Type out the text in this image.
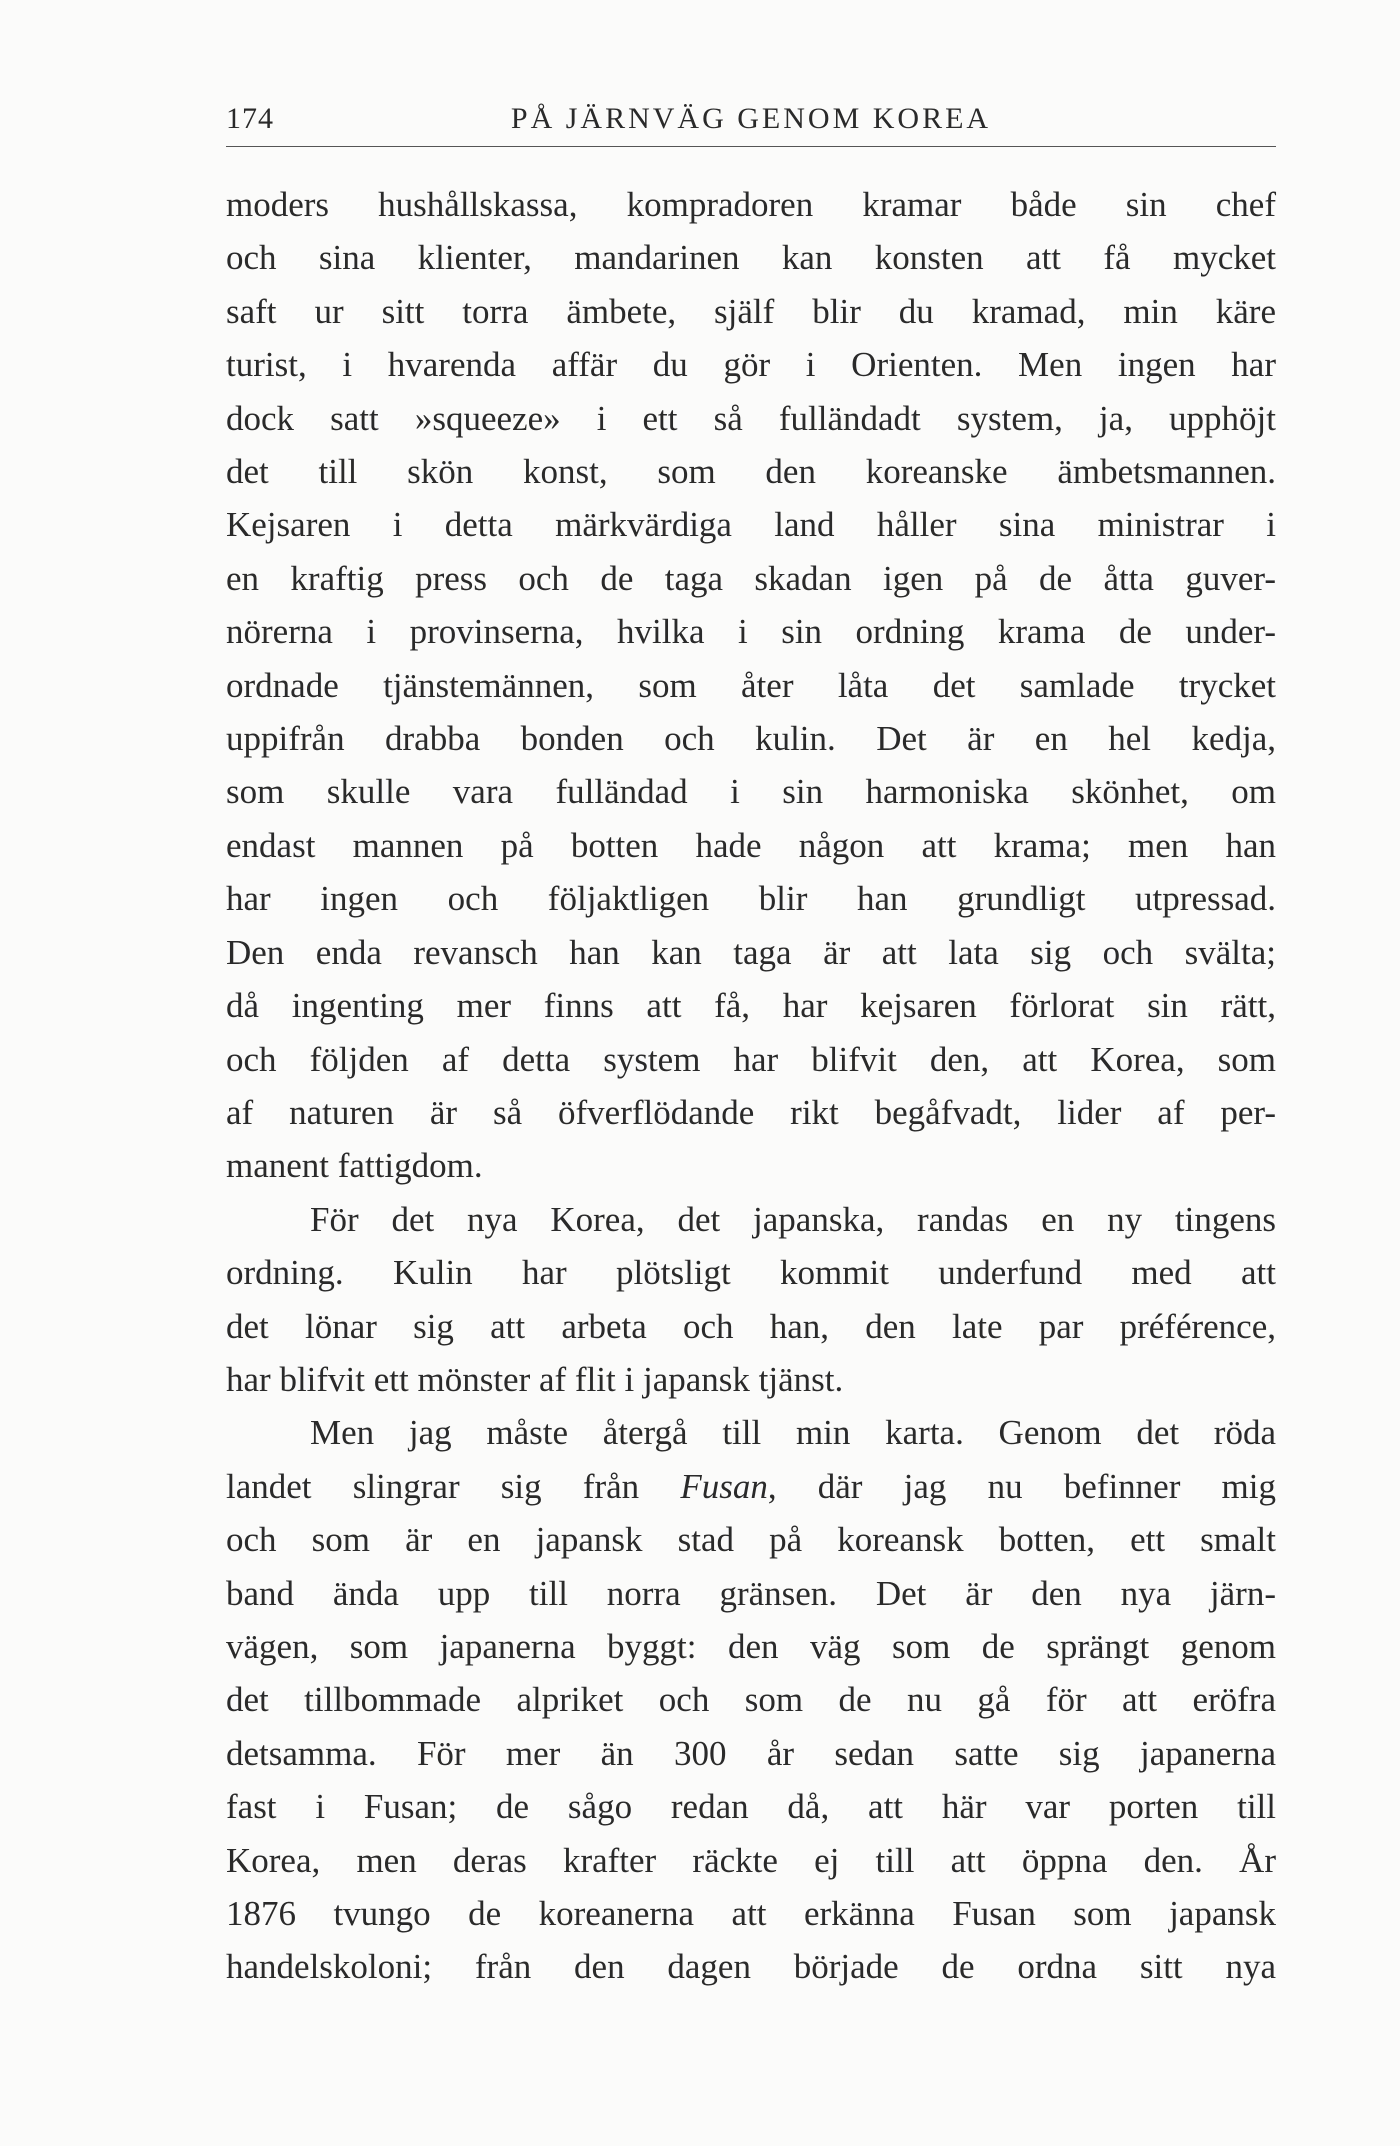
174	PÅ JÄRNVÄG GENOM KOREA

moders hushållskassa, kompradoren kramar både sin chef
och sina klienter, mandarinen kan konsten att få mycket
saft ur sitt torra ämbete, själf blir du kramad, min käre
turist, i hvarenda affär du gör i Orienten. Men ingen har
dock satt »squeeze» i ett så fulländadt system, ja, upphöjt
det till skön konst, som den koreanske ämbetsmannen.
Kejsaren i detta märkvärdiga land håller sina ministrar i
en kraftig press och de taga skadan igen på de åtta guver-
nörerna i provinserna, hvilka i sin ordning krama de under-
ordnade tjänstemännen, som åter låta det samlade trycket
uppifrån drabba bonden och kulin. Det är en hel kedja,
som skulle vara fulländad i sin harmoniska skönhet, om
endast mannen på botten hade någon att krama; men han
har ingen och följaktligen blir han grundligt utpressad.
Den enda revansch han kan taga är att lata sig och svälta;
då ingenting mer finns att få, har kejsaren förlorat sin rätt,
och följden af detta system har blifvit den, att Korea, som
af naturen är så öfverflödande rikt begåfvadt, lider af per-
manent fattigdom.

För det nya Korea, det japanska, randas en ny tingens
ordning. Kulin har plötsligt kommit underfund med att
det lönar sig att arbeta och han, den late par préférence,
har blifvit ett mönster af flit i japansk tjänst.

Men jag måste återgå till min karta. Genom det röda
landet slingrar sig från Fusan, där jag nu befinner mig
och som är en japansk stad på koreansk botten, ett smalt
band ända upp till norra gränsen. Det är den nya järn-
vägen, som japanerna byggt: den väg som de sprängt genom
det tillbommade alpriket och som de nu gå för att eröfra
detsamma. För mer än 300 år sedan satte sig japanerna
fast i Fusan; de sågo redan då, att här var porten till
Korea, men deras krafter räckte ej till att öppna den. År
1876 tvungo de koreanerna att erkänna Fusan som japansk
handelskoloni; från den dagen började de ordna sitt nya
